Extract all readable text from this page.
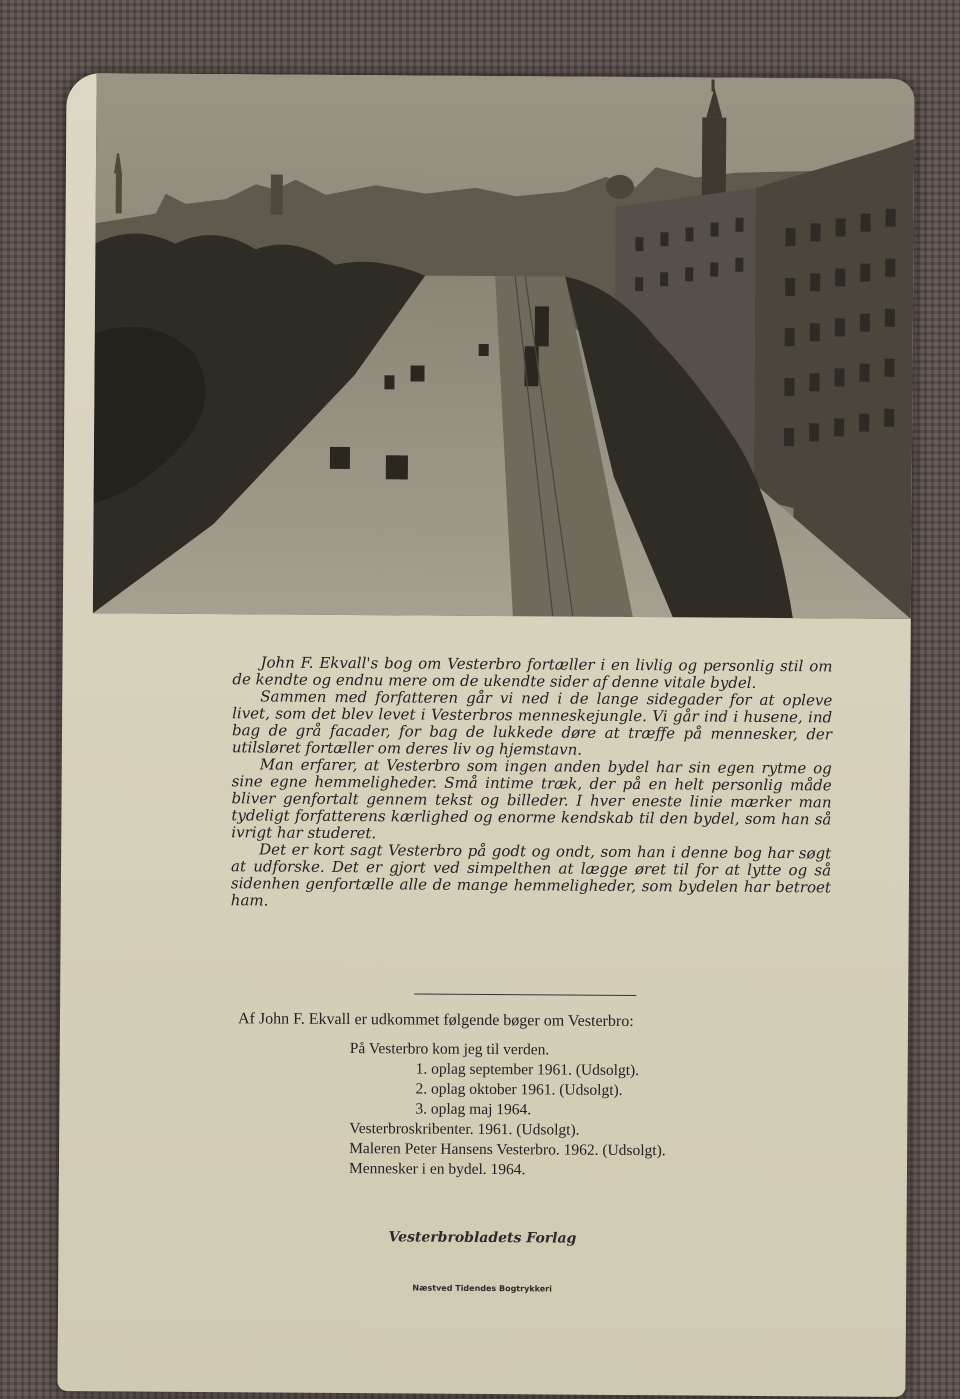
John F. Ekvall's bog om Vesterbro fortæller i en livlig og personlig stil om de kendte og endnu mere om de ukendte sider af denne vitale bydel.

Sammen med forfatteren går vi ned i de lange sidegader for at opleve livet, som det blev levet i Vesterbros menneskejungle. Vi går ind i husene, ind bag de grå facader, for bag de lukkede døre at træffe på mennesker, der utilsløret fortæller om deres liv og hjemstavn.

Man erfarer, at Vesterbro som ingen anden bydel har sin egen rytme og sine egne hemmeligheder. Små intime træk, der på en helt personlig måde bliver genfortalt gennem tekst og billeder. I hver eneste linie mærker man tydeligt forfatterens kærlighed og enorme kendskab til den bydel, som han så ivrigt har studeret.

Det er kort sagt Vesterbro på godt og ondt, som han i denne bog har søgt at udforske. Det er gjort ved simpelthen at lægge øret til for at lytte og så sidenhen genfortælle alle de mange hemmeligheder, som bydelen har betroet ham.

Af John F. Ekvall er udkommet følgende bøger om Vesterbro:
På Vesterbro kom jeg til verden.
1. oplag september 1961. (Udsolgt).
2. oplag oktober 1961. (Udsolgt).
3. oplag maj 1964.
Vesterbroskribenter. 1961. (Udsolgt).
Maleren Peter Hansens Vesterbro. 1962. (Udsolgt).
Mennesker i en bydel. 1964.
Vesterbrobladets Forlag
Næstved Tidendes Bogtrykkeri
